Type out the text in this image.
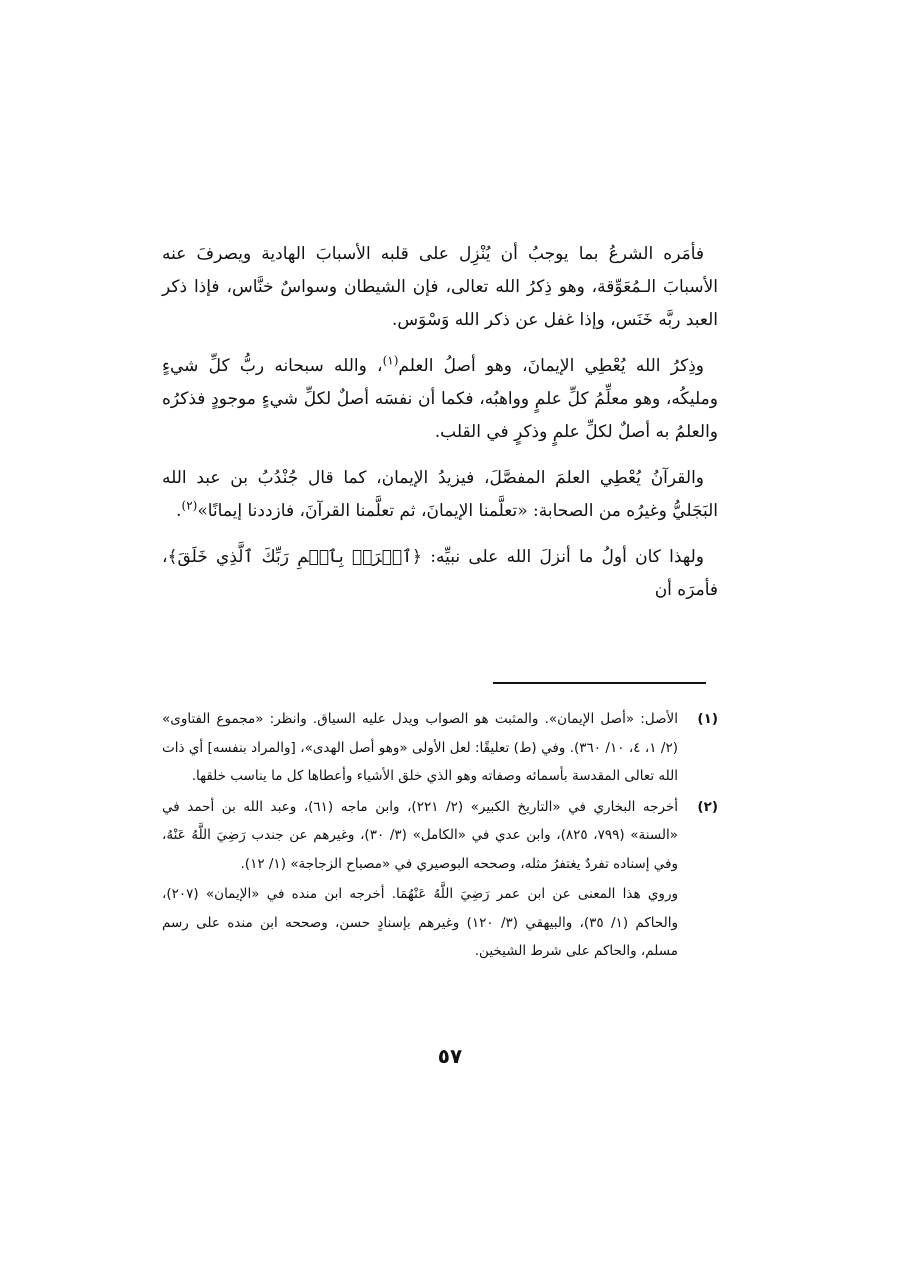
فأمَره الشرعُ بما يوجبُ أن يُنْزِل على قلبه الأسبابَ الهادية ويصرفَ عنه الأسبابَ الـمُعَوِّقة، وهو ذِكرُ الله تعالى، فإن الشيطان وسواسٌ خنَّاس، فإذا ذكر العبد ربَّه خَنَس، وإذا غفل عن ذكر الله وَسْوَس.

وذِكرُ الله يُعْطِي الإيمانَ، وهو أصلُ العلم$^{(١)}$، والله سبحانه ربُّ كلِّ شيءٍ ومليكُه، وهو معلِّمُ كلِّ علمٍ وواهبُه، فكما أن نفسَه أصلٌ لكلِّ شيءٍ موجودٍ فذكرُه والعلمُ به أصلٌ لكلِّ علمٍ وذكرٍ في القلب.

والقرآنُ يُعْطِي العلمَ المفصَّلَ، فيزيدُ الإيمان، كما قال جُنْدُبُ بن عبد الله البَجَليُّ وغيرُه من الصحابة: «تعلَّمنا الإيمانَ، ثم تعلَّمنا القرآنَ، فازددنا إيمانًا»$^{(٢)}$.

ولهذا كان أولُ ما أنزلَ الله على نبيِّه: ﴿ٱقۡرَأۡ بِٱسۡمِ رَبِّكَ ٱلَّذِي خَلَقَ﴾، فأمرَه أن

(١)

الأصل: «أصل الإيمان». والمثبت هو الصواب ويدل عليه السياق. وانظر: «مجموع الفتاوى» (٢/ ١، ٤، ١٠/ ٣٦٠). وفي (ط) تعليقًا: لعل الأولى «وهو أصل الهدى»، [والمراد بنفسه] أي ذات الله تعالى المقدسة بأسمائه وصفاته وهو الذي خلق الأشياء وأعطاها كل ما يناسب خلقها.

(٢)

أخرجه البخاري في «التاريخ الكبير» (٢/ ٢٢١)، وابن ماجه (٦١)، وعبد الله بن أحمد في «السنة» (٧٩٩، ٨٢٥)، وابن عدي في «الكامل» (٣/ ٣٠)، وغيرهم عن جندب رَضِيَ اللَّهُ عَنْهُ، وفي إسناده تفردٌ يغتفرُ مثله، وصححه البوصيري في «مصباح الزجاجة» (١/ ١٢).

وروي هذا المعنى عن ابن عمر رَضِيَ اللَّهُ عَنْهُمَا. أخرجه ابن منده في «الإيمان» (٢٠٧)، والحاكم (١/ ٣٥)، والبيهقي (٣/ ١٢٠) وغيرهم بإسنادٍ حسن، وصححه ابن منده على رسم مسلم، والحاكم على شرط الشيخين.

٥٧
